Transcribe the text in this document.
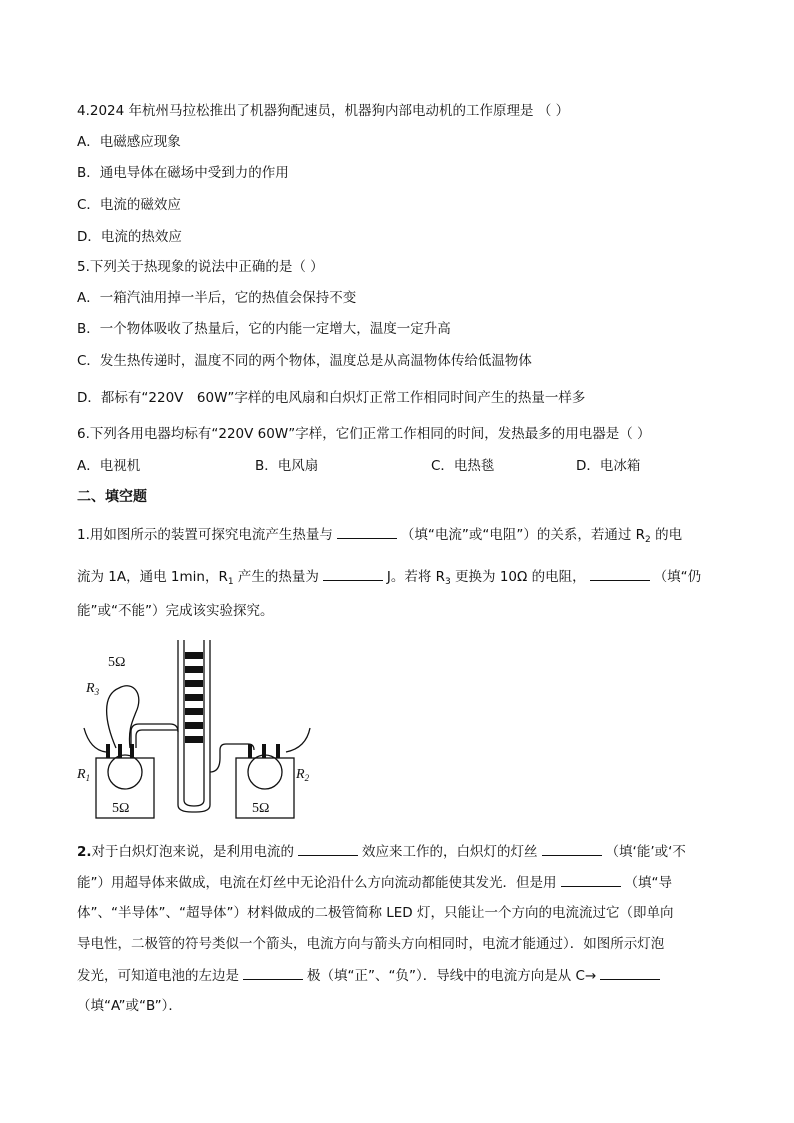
4.2024 年杭州马拉松推出了机器狗配速员，机器狗内部电动机的工作原理是 （ ）
A．电磁感应现象
B．通电导体在磁场中受到力的作用
C．电流的磁效应
D．电流的热效应
5.下列关于热现象的说法中正确的是（ ）
A．一箱汽油用掉一半后，它的热值会保持不变
B．一个物体吸收了热量后，它的内能一定增大，温度一定升高
C．发生热传递时，温度不同的两个物体，温度总是从高温物体传给低温物体
D．都标有“220V　60W”字样的电风扇和白炽灯正常工作相同时间产生的热量一样多
6.下列各用电器均标有“220V 60W”字样，它们正常工作相同的时间，发热最多的用电器是（ ）
A．电视机	B．电风扇	C．电热毯	D．电冰箱
二、填空题
1.用如图所示的装置可探究电流产生热量与	（填“电流”或“电阻”）的关系，若通过 $R_2$ 的电
流为 1A，通电 1min，$R_1$ 产生的热量为	J。若将 $R_3$ 更换为 10Ω 的电阻，	（填“仍
能”或“不能”）完成该实验探究。
5Ω
$R_3$
$R_1$	$R_2$
5Ω	5Ω
2.对于白炽灯泡来说，是利用电流的	效应来工作的，白炽灯的灯丝	（填‘能’或‘不
能”）用超导体来做成，电流在灯丝中无论沿什么方向流动都能使其发光．但是用	（填“导
体”、“半导体”、“超导体”）材料做成的二极管简称 LED 灯，只能让一个方向的电流流过它（即单向
导电性，二极管的符号类似一个箭头，电流方向与箭头方向相同时，电流才能通过）．如图所示灯泡
发光，可知道电池的左边是	极（填“正”、“负”）．导线中的电流方向是从 C→
（填“A”或“B”）．
